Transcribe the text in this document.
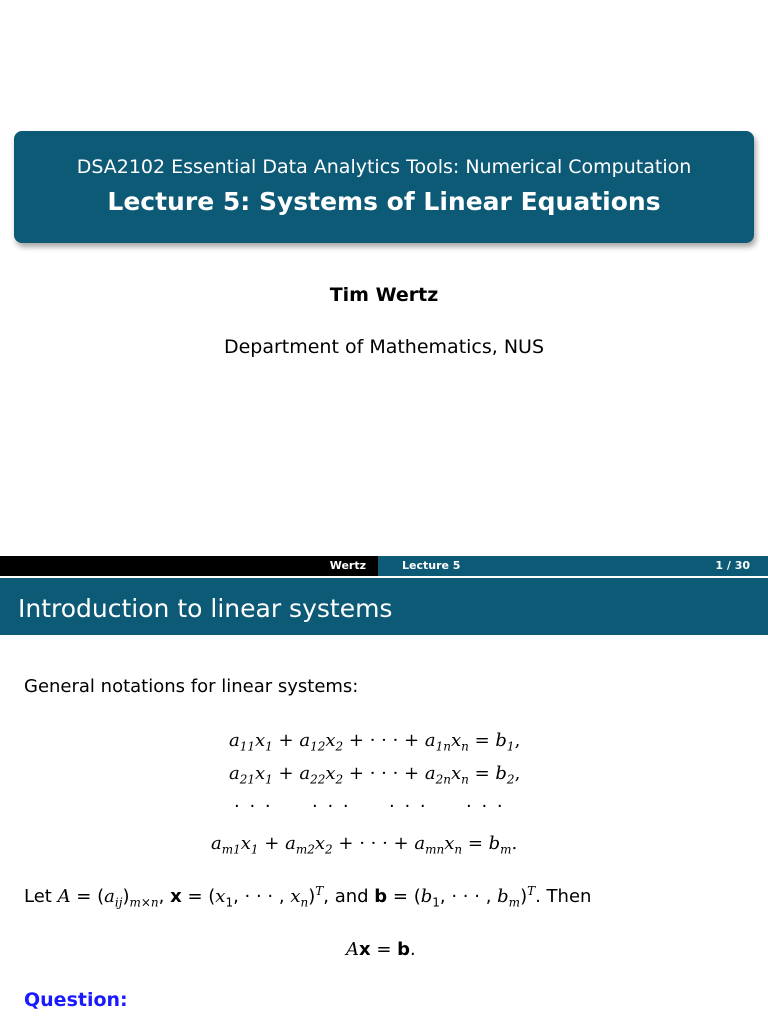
DSA2102 Essential Data Analytics Tools: Numerical Computation
Lecture 5: Systems of Linear Equations
Tim Wertz
Department of Mathematics, NUS
Wertz	Lecture 5	1 / 30
Introduction to linear systems
General notations for linear systems:
$a_{11}x_1 + a_{12}x_2$ + · · · + $a_{1n}x_n = b_1$,
$a_{21}x_1 + a_{22}x_2$ + · · · + $a_{2n}x_n = b_2$,
· · · · · · · · · · · ·
$a_{m1}x_1 + a_{m2}x_2$ + · · · + $a_{mn}x_n = b_m$.
Let $A = (a_{ij})_{m\times n}$, $x = (x_1$, · · · , $x_n)^T$, and $b = (b_1$, · · · , $b_m)^T$. Then
Ax = b.
Question:
